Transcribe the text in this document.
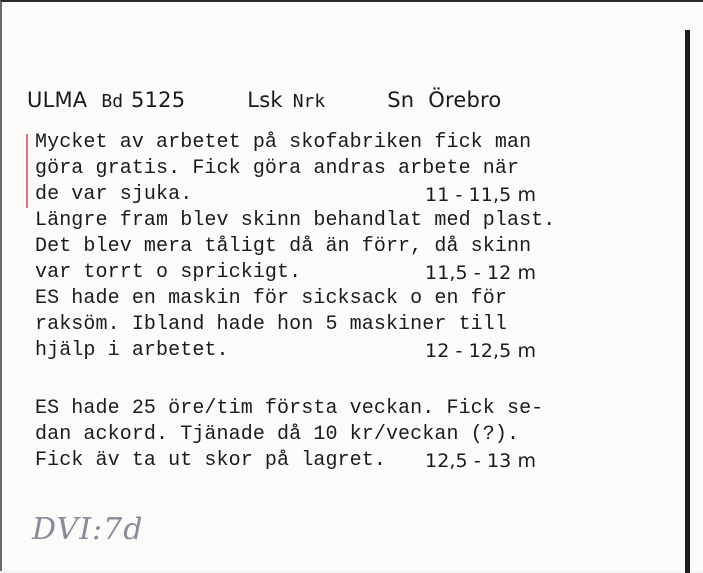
ULMA Bd 5125	Lsk Nrk	Sn Örebro
Mycket av arbetet på skofabriken fick man
göra gratis. Fick göra andras arbete när
de var sjuka.	11 - 11,5 m
Längre fram blev skinn behandlat med plast.
Det blev mera tåligt då än förr, då skinn
var torrt o sprickigt.	11,5 - 12 m
ES hade en maskin för sicksack o en för
raksöm. Ibland hade hon 5 maskiner till
hjälp i arbetet.	12 - 12,5 m
ES hade 25 öre/tim första veckan. Fick se-
dan ackord. Tjänade då 10 kr/veckan (?).
Fick äv ta ut skor på lagret. 12,5 - 13 m
DVI:7d
